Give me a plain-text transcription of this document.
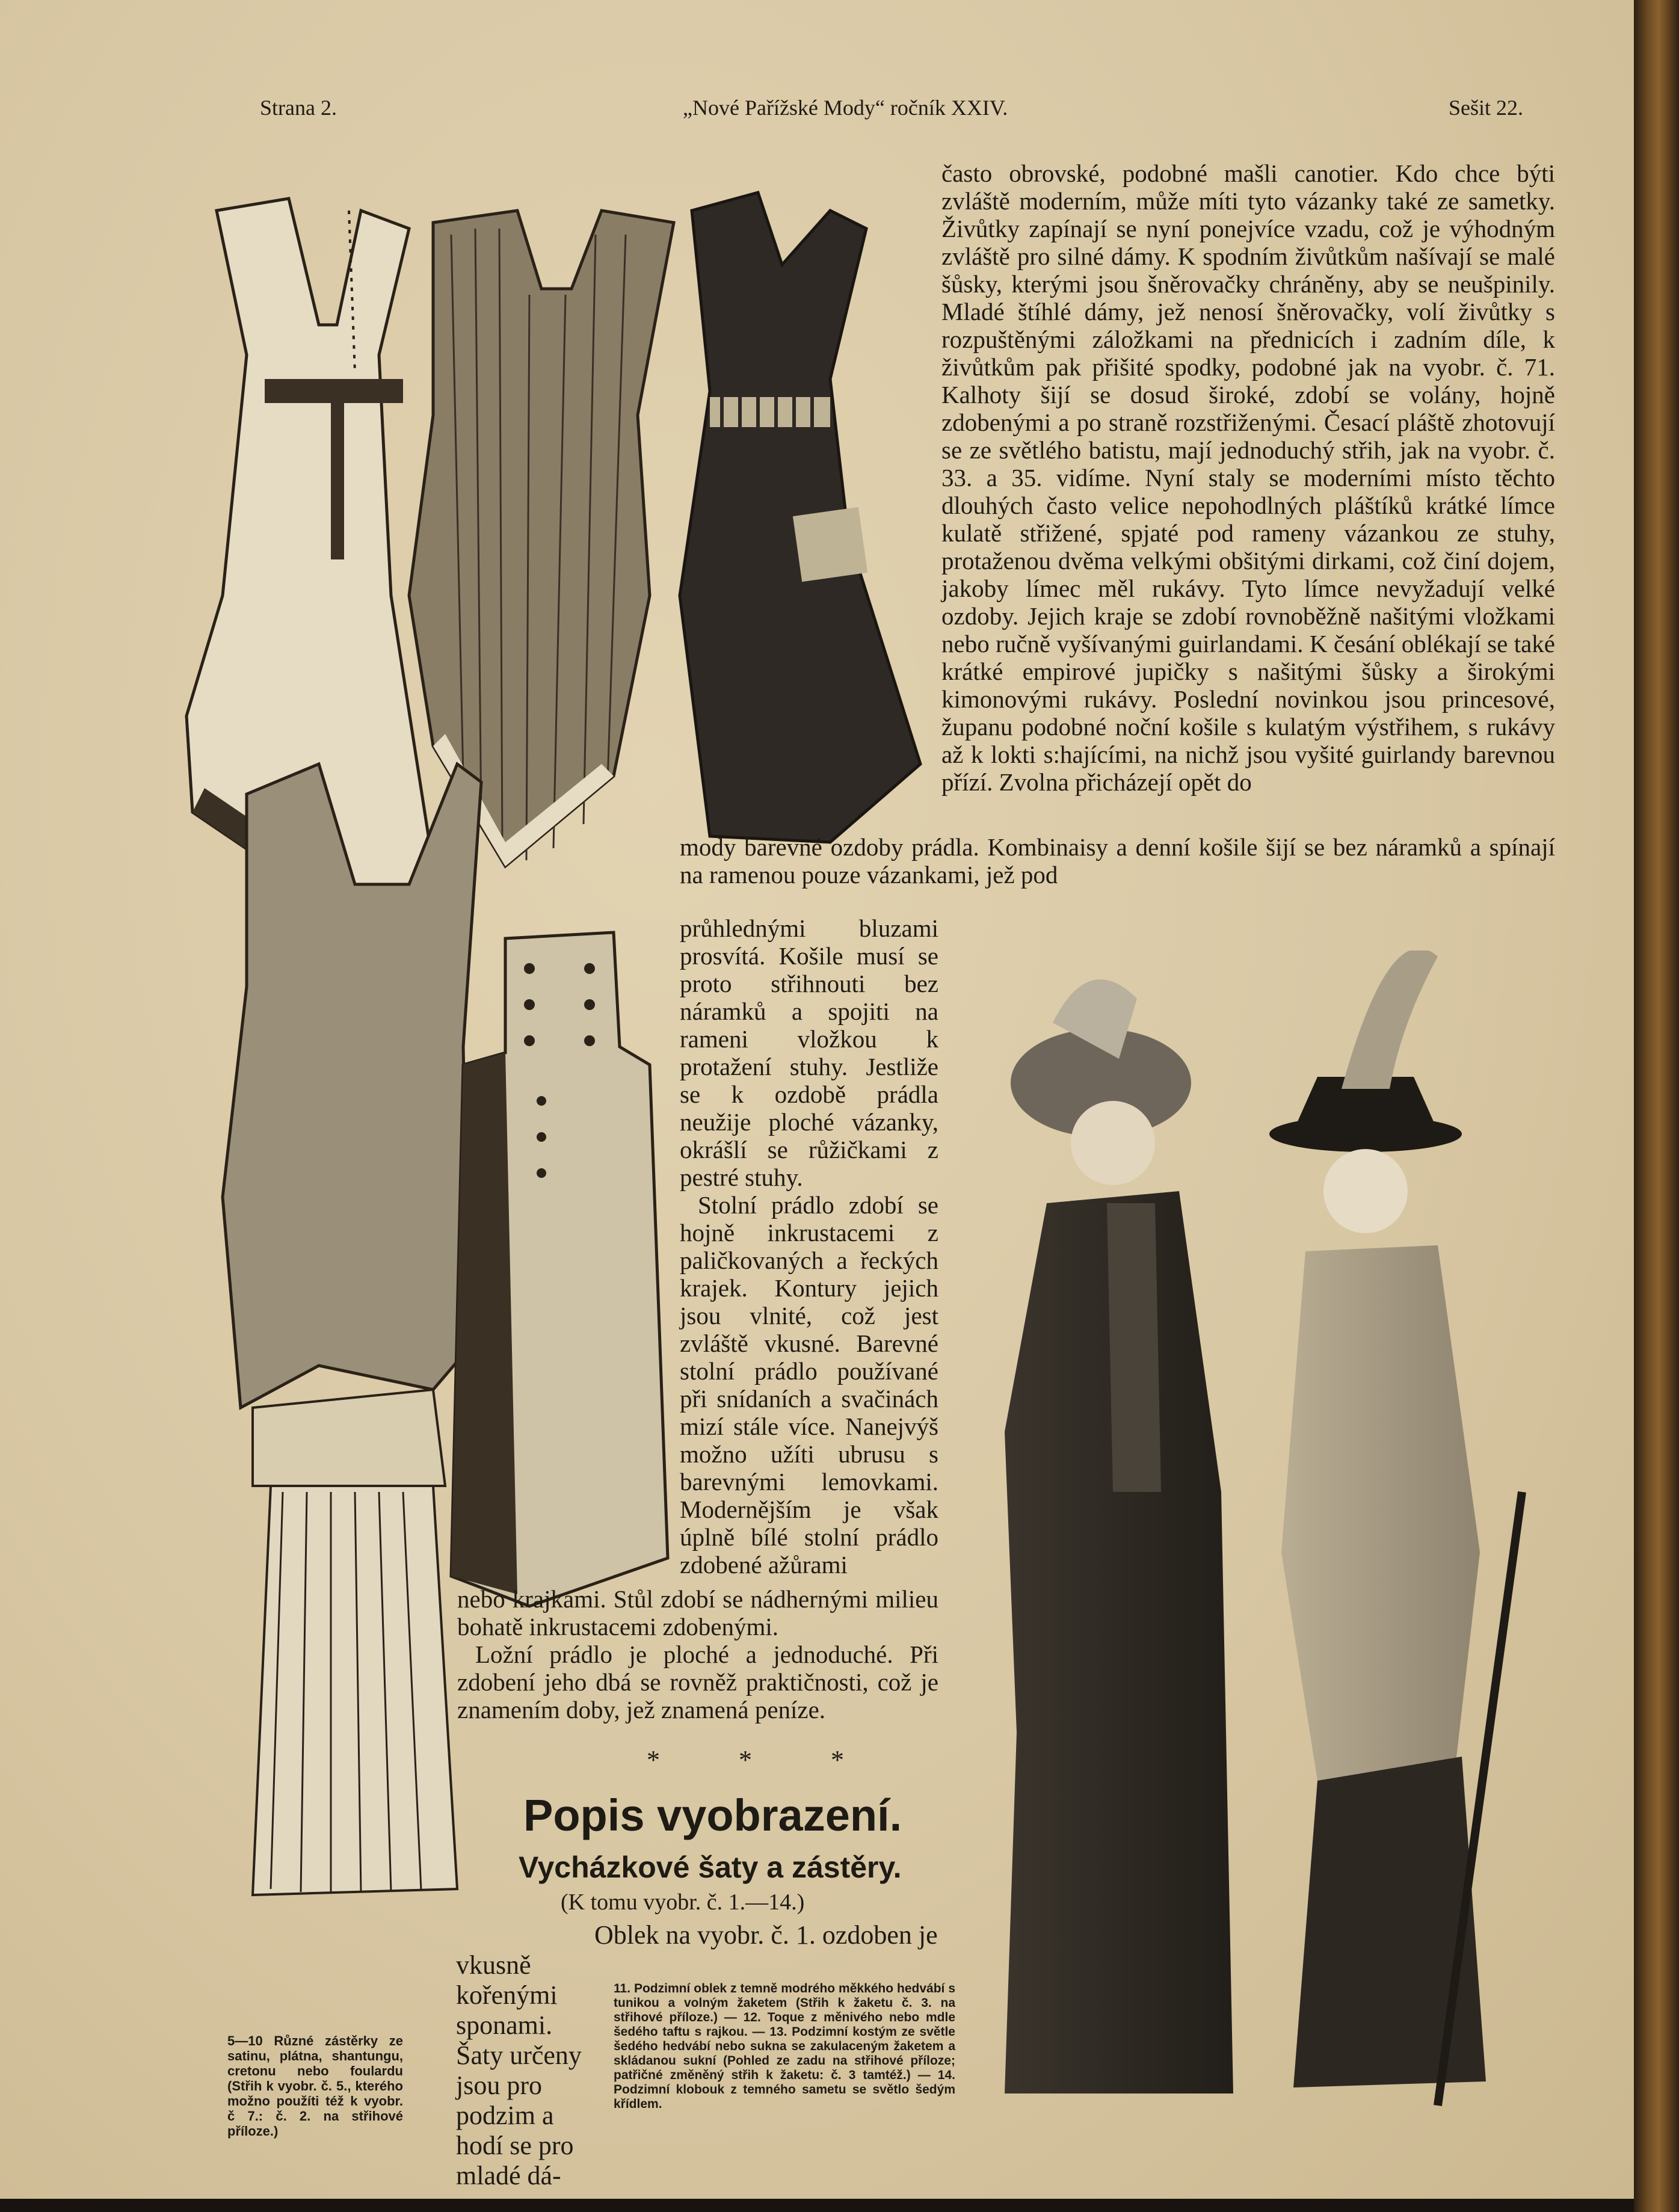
Strana 2.	„Nové Pařížské Mody“ ročník XXIV.	Sešit 22.

často obrovské, podobné mašli canotier. Kdo chce býti zvláště moderním, může míti tyto vázanky také ze sametky. Živůtky zapínají se nyní ponejvíce vzadu, což je výhodným zvláště pro silné dámy. K spodním živůtkům našívají se malé šůsky, kterými jsou šněrovačky chráněny, aby se neušpinily. Mladé štíhlé dámy, jež nenosí šněrovačky, volí živůtky s rozpuštěnými záložkami na přednicích i zadním díle, k živůtkům pak přišité spodky, podobné jak na vyobr. č. 71. Kalhoty šijí se dosud široké, zdobí se volány, hojně zdobenými a po straně rozstřiženými. Česací pláště zhotovují se ze světlého batistu, mají jednoduchý střih, jak na vyobr. č. 33. a 35. vidíme. Nyní staly se moderními místo těchto dlouhých často velice nepohodlných pláštíků krátké límce kulatě střižené, spjaté pod rameny vázankou ze stuhy, protaženou dvěma velkými obšitými dirkami, což činí dojem, jakoby límec měl rukávy. Tyto límce nevyžadují velké ozdoby. Jejich kraje se zdobí rovnoběžně našitými vložkami nebo ručně vyšívanými guirlandami. K česání oblékají se také krátké empirové jupičky s našitými šůsky a širokými kimonovými rukávy. Poslední novinkou jsou princesové, županu podobné noční košile s kulatým výstřihem, s rukávy až k lokti s:hajícími, na nichž jsou vyšité guirlandy barevnou přízí. Zvolna přicházejí opět do

mody barevné ozdoby prádla. Kombinaisy a denní košile šijí se bez náramků a spínají na ramenou pouze vázankami, jež pod

průhlednými bluzami prosvítá. Košile musí se proto střihnouti bez náramků a spojiti na rameni vložkou k protažení stuhy. Jestliže se k ozdobě prádla neužije ploché vázanky, okrášlí se růžičkami z pestré stuhy.

Stolní prádlo zdobí se hojně inkrustacemi z paličkovaných a řeckých krajek. Kontury jejich jsou vlnité, což jest zvláště vkusné. Barevné stolní prádlo používané při snídaních a svačinách mizí stále více. Nanejvýš možno užíti ubrusu s barevnými lemovkami. Modernějším je však úplně bílé stolní prádlo zdobené ažůrami

nebo krajkami. Stůl zdobí se nádhernými milieu bohatě inkrustacemi zdobenými.

Ložní prádlo je ploché a jednoduché. Při zdobení jeho dbá se rovněž praktičnosti, což je znamením doby, jež znamená peníze.

* * *
Popis vyobrazení.
Vycházkové šaty a zástěry.
(K tomu vyobr. č. 1.—14.)
Oblek na vyobr. č. 1. ozdoben je
vkusně kořenými sponami. Šaty určeny jsou pro podzim a hodí se pro mladé dá-
5—10 Různé zástěrky ze satinu, plátna, shantungu, cretonu nebo foulardu (Střih k vyobr. č. 5., kterého možno použíti též k vyobr. č 7.: č. 2. na střihové příloze.)
11. Podzimní oblek z temně modrého měkkého hedvábí s tunikou a volným žaketem (Střih k žaketu č. 3. na střihové příloze.) — 12. Toque z měnivého nebo mdle šedého taftu s rajkou. — 13. Podzimní kostým ze světle šedého hedvábí nebo sukna se zakulaceným žaketem a skládanou sukní (Pohled ze zadu na střihové příloze; patřičné změněný střih k žaketu: č. 3 tamtéž.) — 14. Podzimní klobouk z temného sametu se světlo šedým křídlem.
